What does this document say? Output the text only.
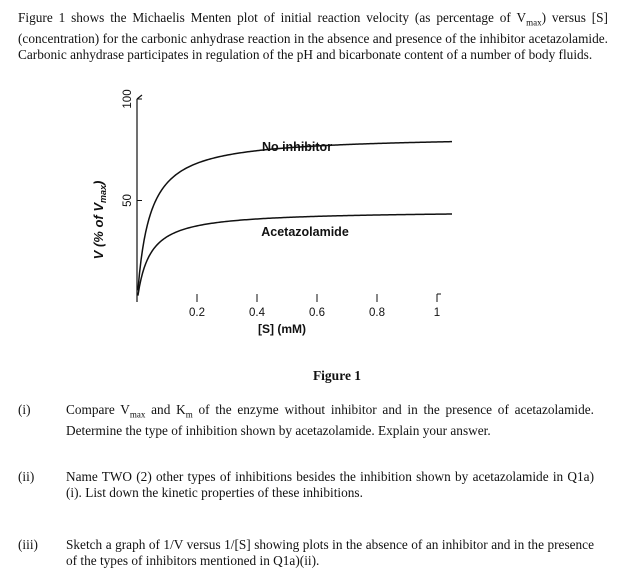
Figure 1 shows the Michaelis Menten plot of initial reaction velocity (as percentage of $V_{max}$) versus [S] (concentration) for the carbonic anhydrase reaction in the absence and presence of the inhibitor acetazolamide. Carbonic anhydrase participates in regulation of the pH and bicarbonate content of a number of body fluids.
0.2	0.4	0.6	0.8	1
50
100
No inhibitor
Acetazolamide
[S] (mM)
V (% of $V_{max}$)
Figure 1
(i)	Compare $V_{max}$ and $K_m$ of the enzyme without inhibitor and in the presence of acetazolamide. Determine the type of inhibition shown by acetazolamide. Explain your answer.
(ii) Name TWO (2) other types of inhibitions besides the inhibition shown by acetazolamide in Q1a)(i). List down the kinetic properties of these inhibitions.
(iii) Sketch a graph of 1/V versus 1/[S] showing plots in the absence of an inhibitor and in the presence of the types of inhibitors mentioned in Q1a)(ii).
